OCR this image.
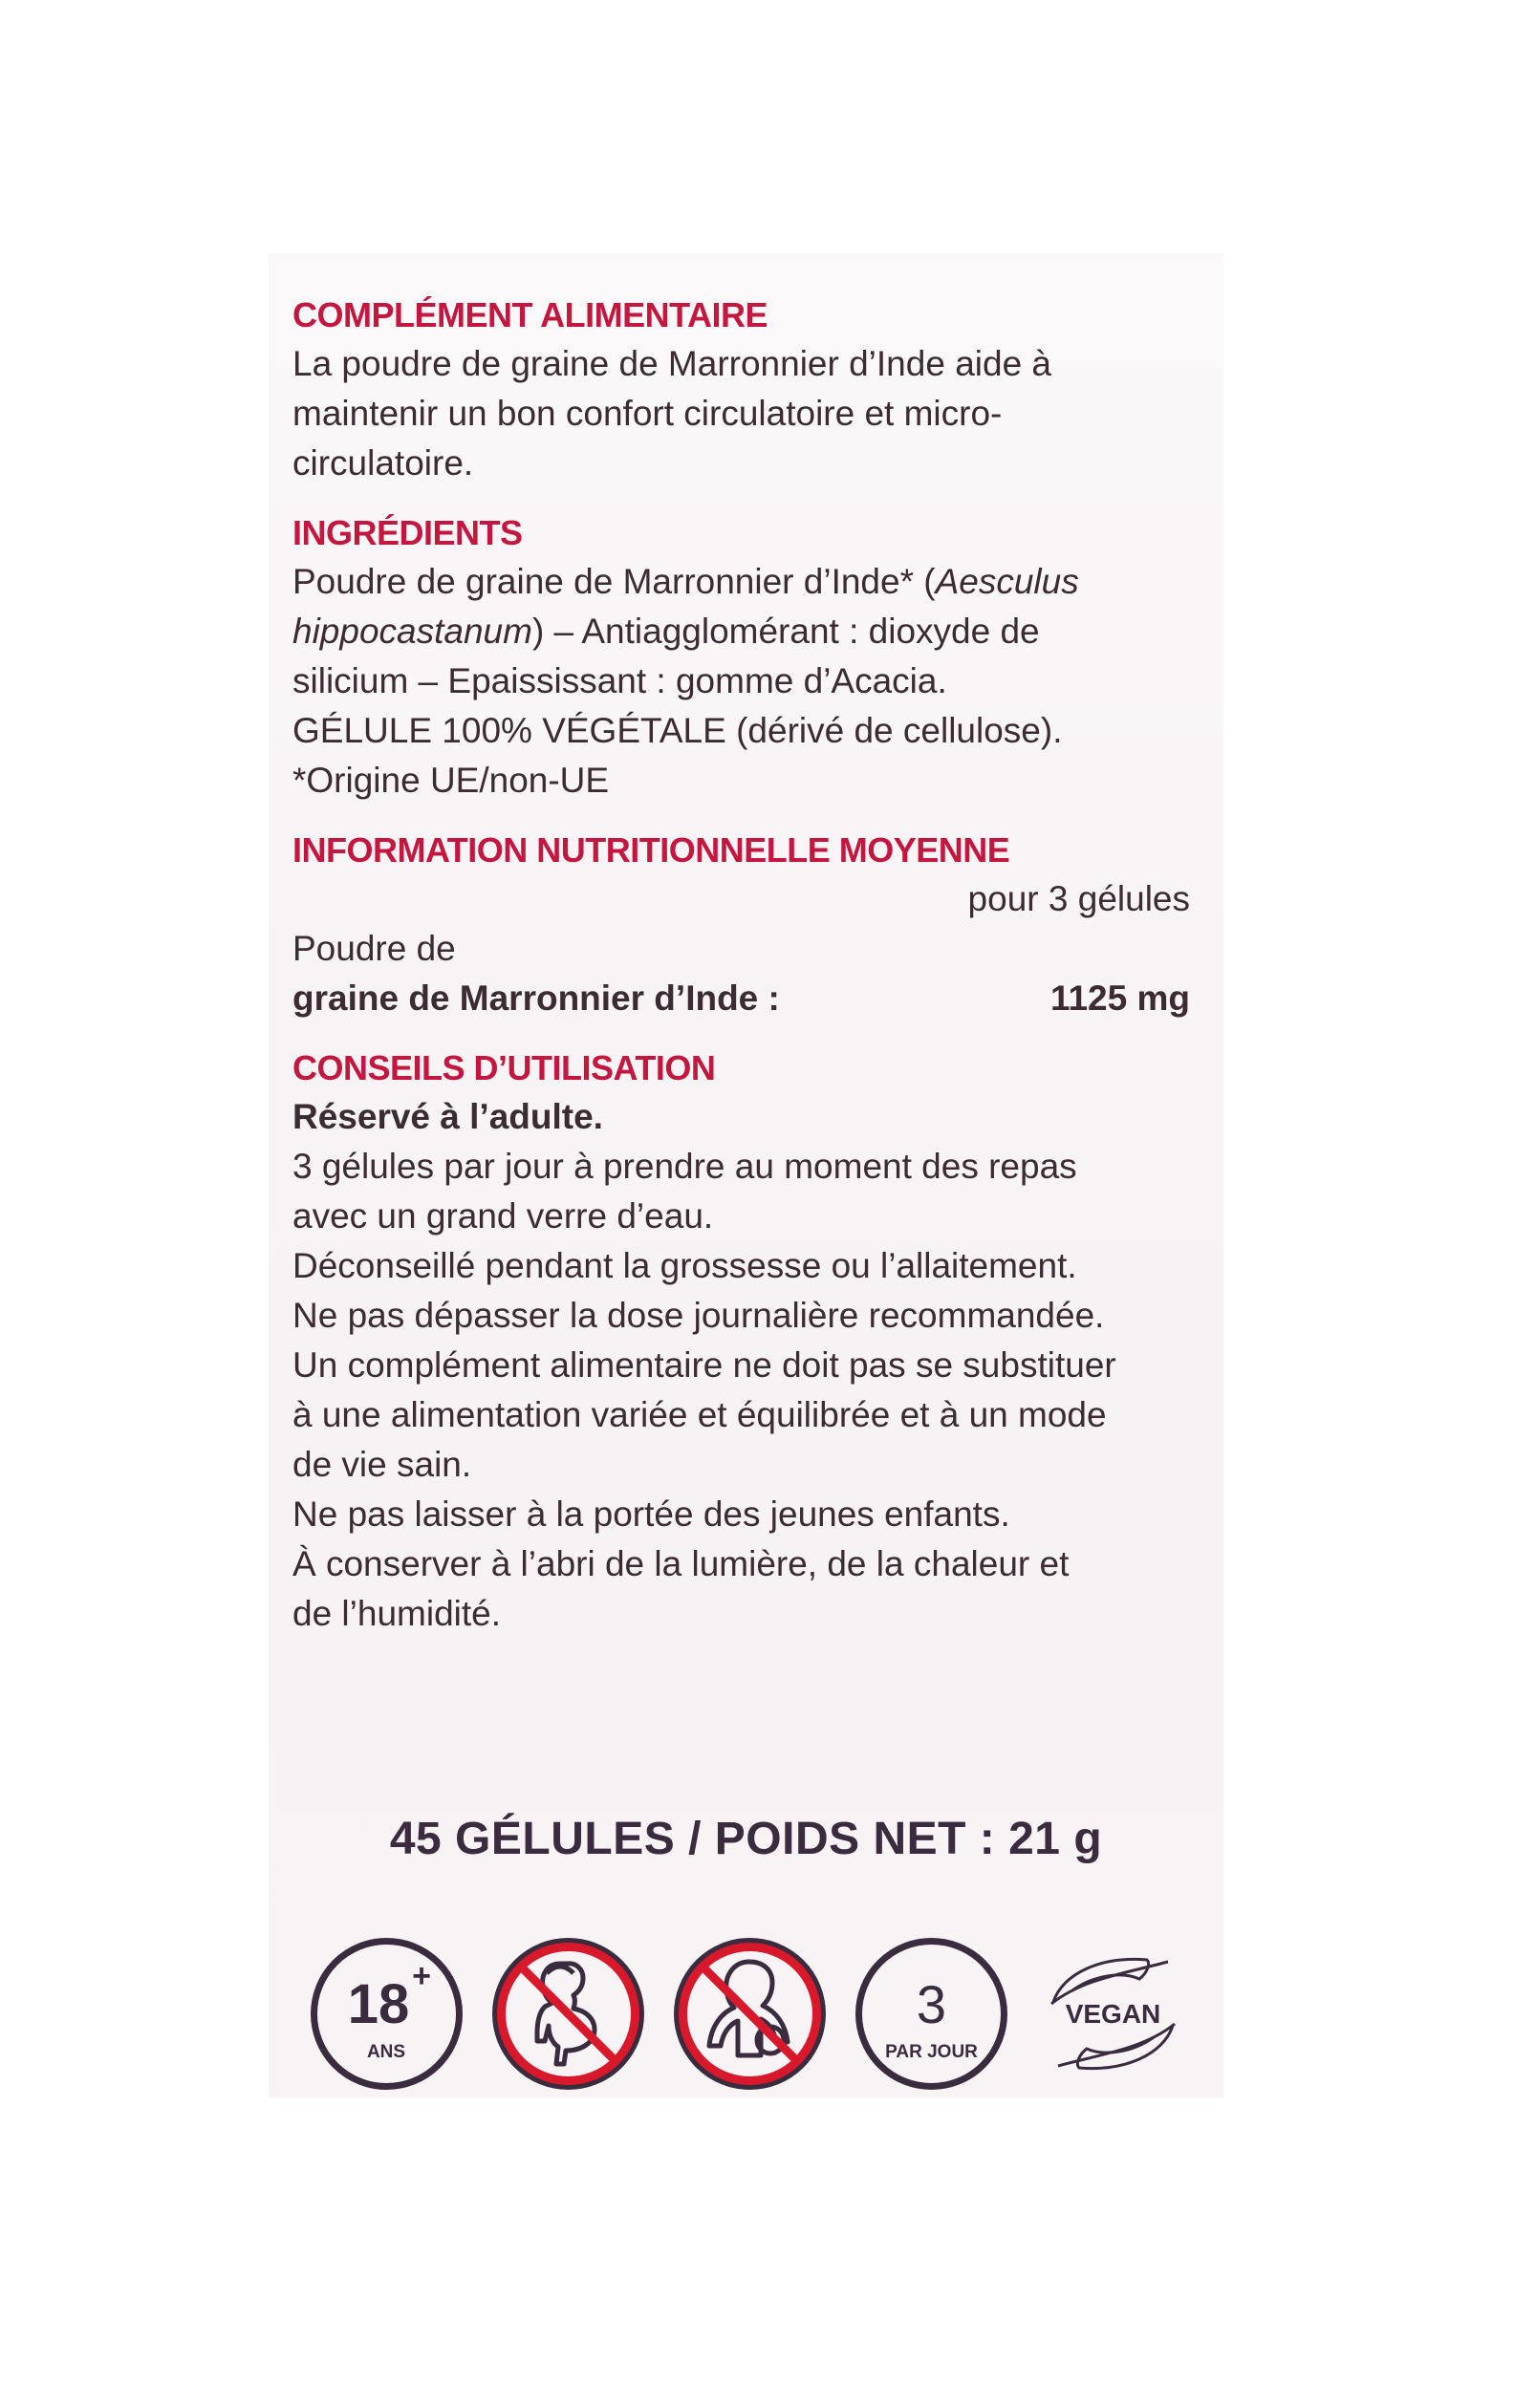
COMPLÉMENT ALIMENTAIRE

La poudre de graine de Marronnier d’Inde aide à

maintenir un bon confort circulatoire et micro-

circulatoire.

INGRÉDIENTS

Poudre de graine de Marronnier d’Inde* (Aesculus

hippocastanum) – Antiagglomérant : dioxyde de

silicium – Epaississant : gomme d’Acacia.

GÉLULE 100% VÉGÉTALE (dérivé de cellulose).

*Origine UE/non-UE

INFORMATION NUTRITIONNELLE MOYENNE

pour 3 gélules

Poudre de

graine de Marronnier d’Inde :	1125 mg

CONSEILS D’UTILISATION

Réservé à l’adulte.

3 gélules par jour à prendre au moment des repas

avec un grand verre d’eau.

Déconseillé pendant la grossesse ou l’allaitement.

Ne pas dépasser la dose journalière recommandée.

Un complément alimentaire ne doit pas se substituer

à une alimentation variée et équilibrée et à un mode

de vie sain.

Ne pas laisser à la portée des jeunes enfants.

À conserver à l’abri de la lumière, de la chaleur et

de l’humidité.

45 GÉLULES / POIDS NET : 21 g
18 +
ANS
3
PAR JOUR
VEGAN
